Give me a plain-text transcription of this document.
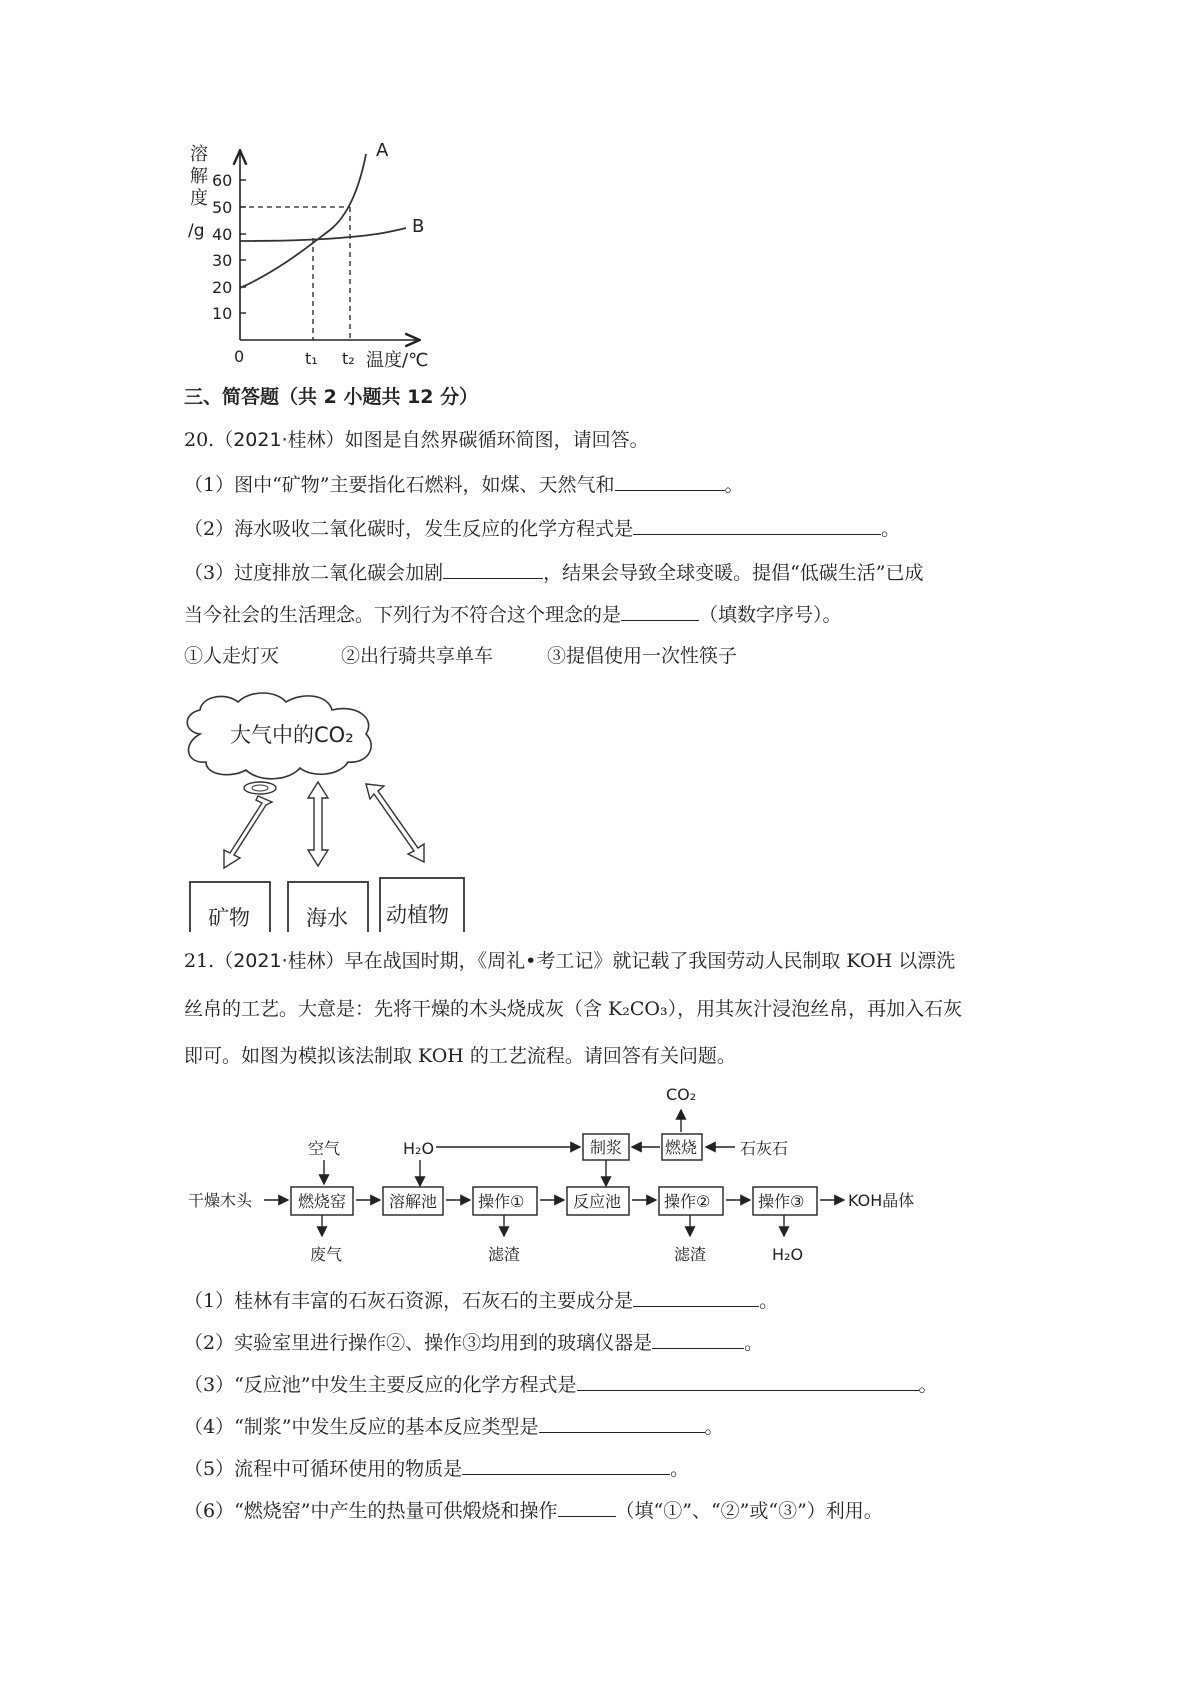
溶
解
度
/g
60
50
40
30
20
10
A
B
0	t₁ t₂ 温度/℃
三、简答题（共 2 小题共 12 分）
20.（2021·桂林）如图是自然界碳循环简图，请回答。
（1）图中“矿物”主要指化石燃料，如煤、天然气和	。
（2）海水吸收二氧化碳时，发生反应的化学方程式是	。
（3）过度排放二氧化碳会加剧	，结果会导致全球变暖。提倡“低碳生活”已成
当今社会的生活理念。下列行为不符合这个理念的是	（填数字序号）。
①人走灯灭	②出行骑共享单车	③提倡使用一次性筷子
大气中的CO₂
矿物	海水 动植物
21.（2021·桂林）早在战国时期，《周礼•考工记》就记载了我国劳动人民制取 KOH 以漂洗
丝帛的工艺。大意是：先将干燥的木头烧成灰（含 K₂CO₃），用其灰汁浸泡丝帛，再加入石灰
即可。如图为模拟该法制取 KOH 的工艺流程。请回答有关问题。
CO₂
燃烧	石灰石
制浆
H₂O
干燥木头
空气
燃烧窑
废气
溶解池	操作①
滤渣
反应池	操作②
滤渣
操作③
H₂O
KOH晶体
（1）桂林有丰富的石灰石资源，石灰石的主要成分是	。
（2）实验室里进行操作②、操作③均用到的玻璃仪器是	。
（3）“反应池”中发生主要反应的化学方程式是	。
（4）“制浆”中发生反应的基本反应类型是	。
（5）流程中可循环使用的物质是	。
（6）“燃烧窑”中产生的热量可供煅烧和操作	（填“①”、“②”或“③”）利用。
